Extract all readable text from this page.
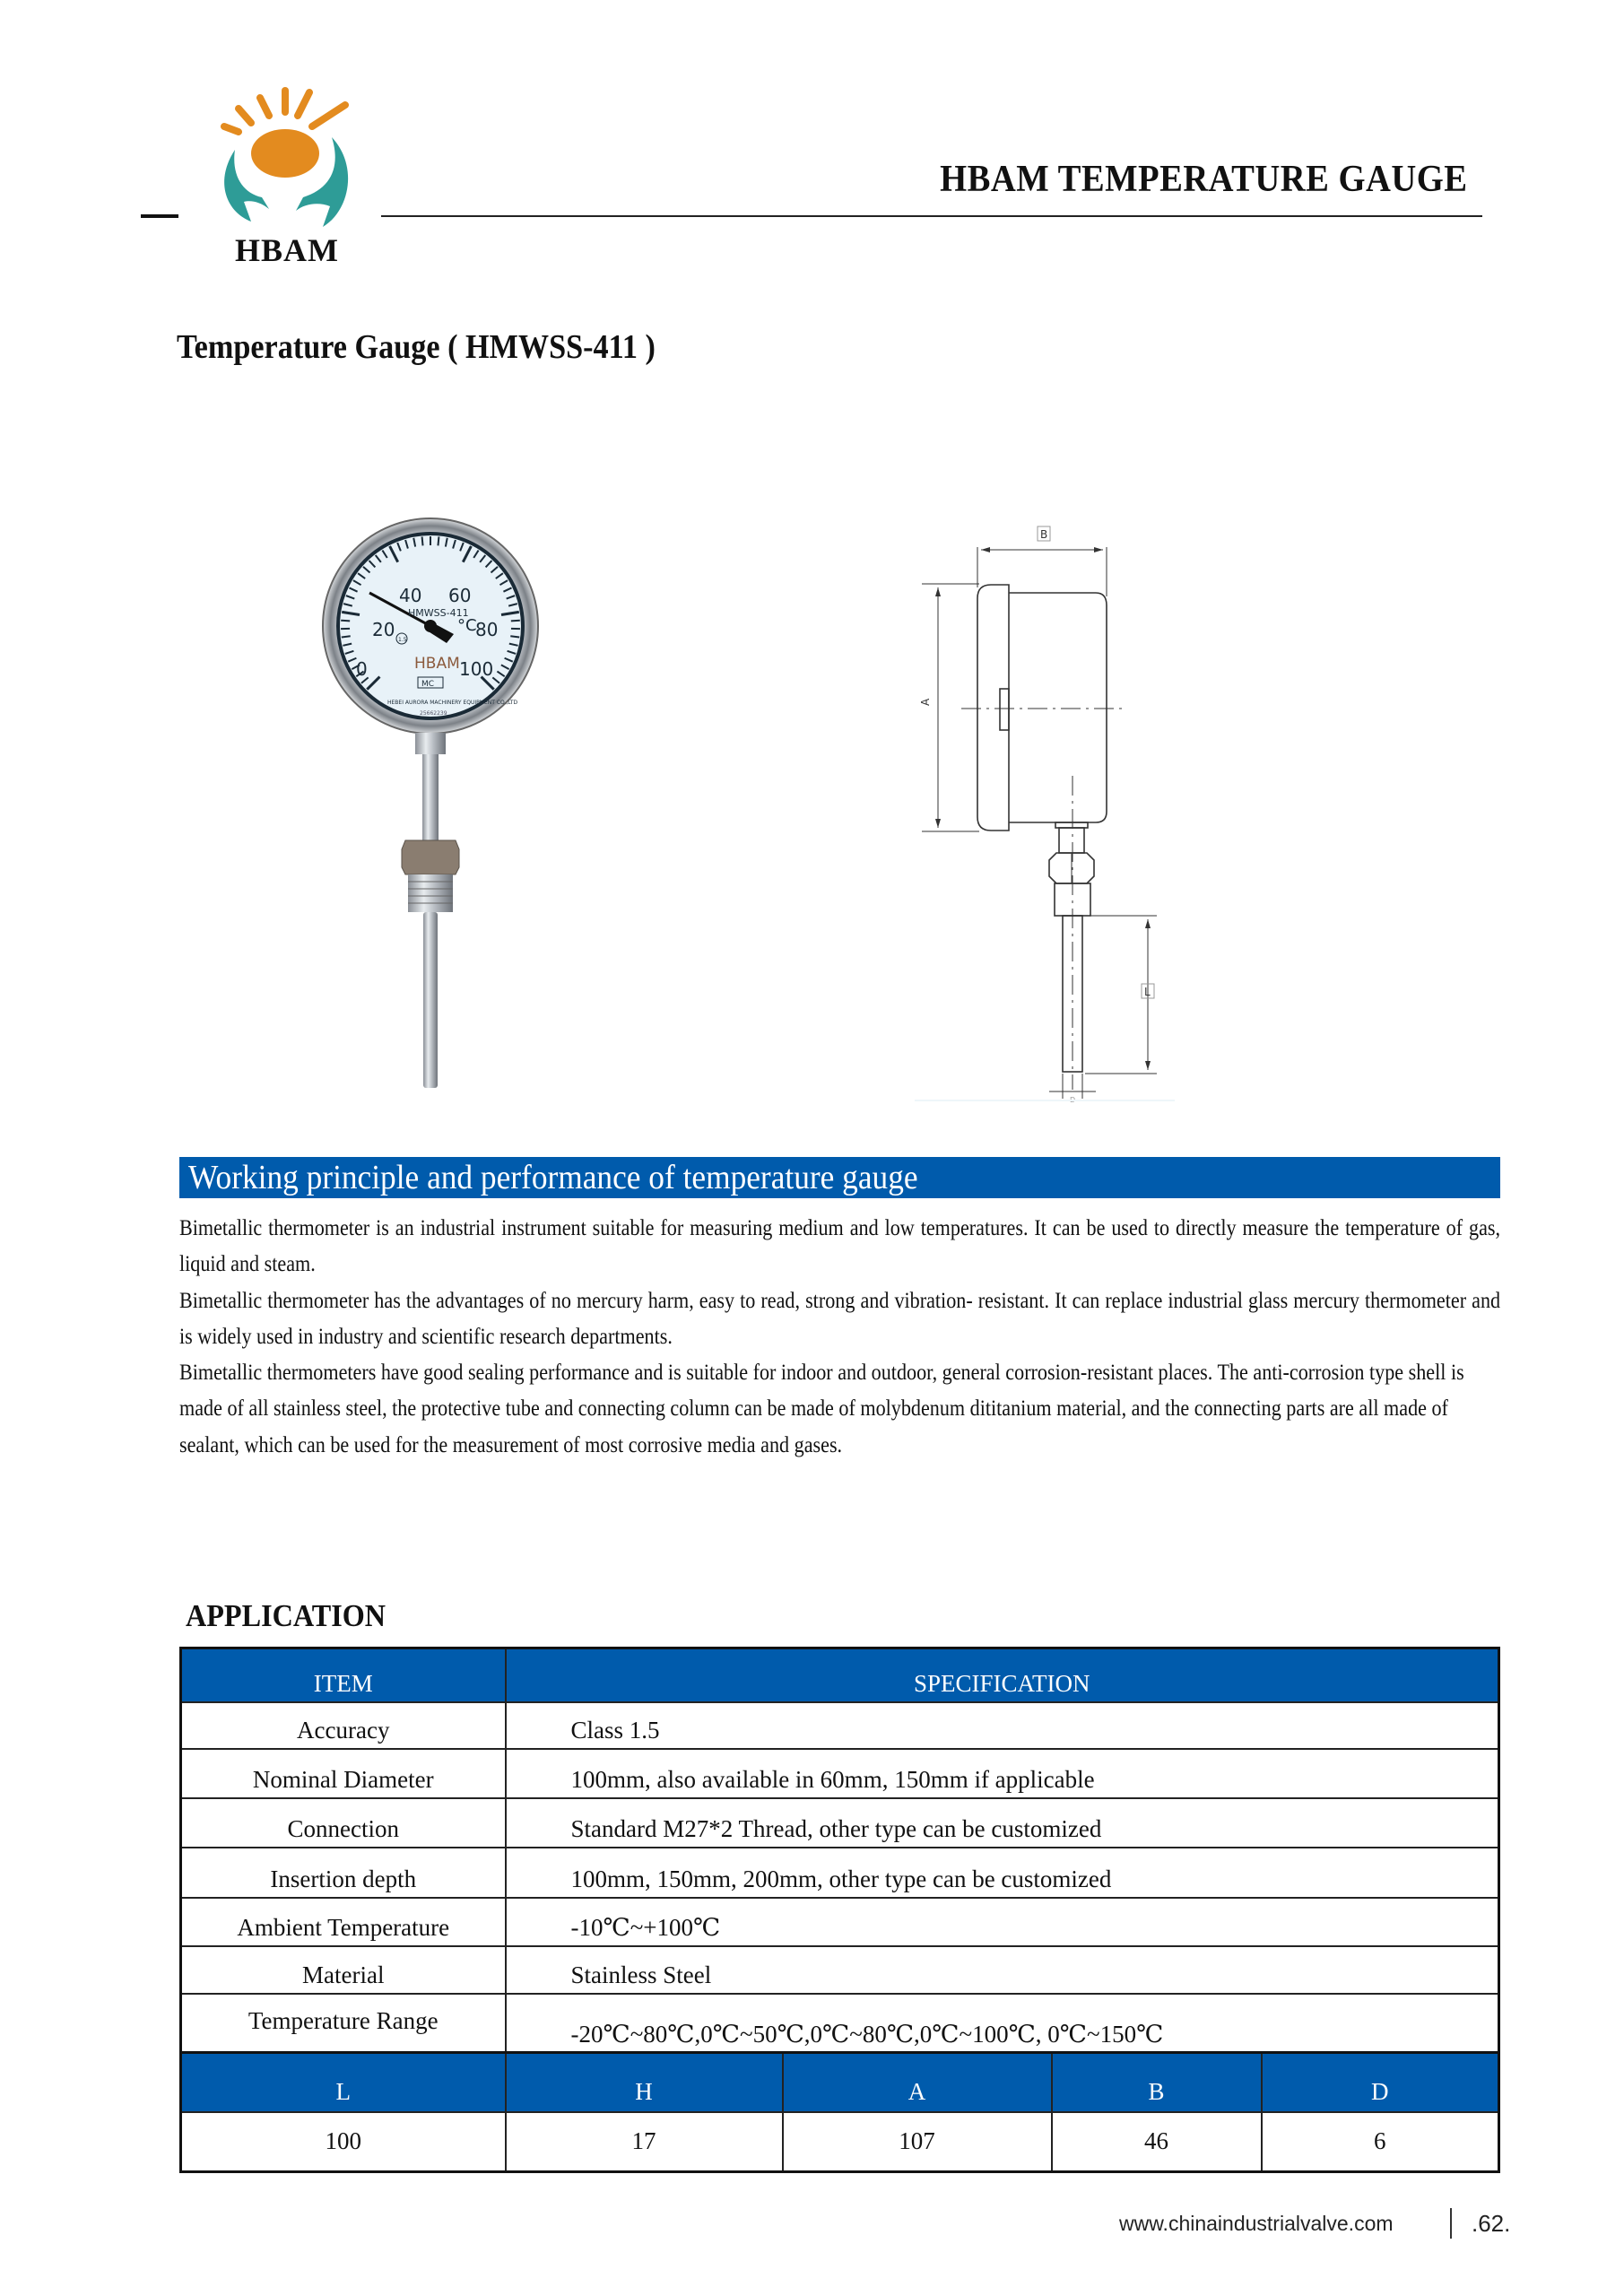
HBAM
HBAM TEMPERATURE GAUGE
Temperature Gauge ( HMWSS-411 )
0
20
40 60
80
100
HMWSS-411
°C
1.5
HBAM
MC
HEBEI AURORA MACHINERY EQUIPMENT CO.,LTD
25662239
B
A
L
D
Working principle and performance of temperature gauge

Bimetallic thermometer is an industrial instrument suitable for measuring medium and low temperatures. It can be used to directly measure the temperature of gas, liquid and steam.

Bimetallic thermometer has the advantages of no mercury harm, easy to read, strong and vibration- resistant. It can replace industrial glass mercury thermometer and is widely used in industry and scientific research departments.

Bimetallic thermometers have good sealing performance and is suitable for indoor and outdoor, general corrosion-resistant places. The anti-corrosion type shell is made of all stainless steel, the protective tube and connecting column can be made of molybdenum dititanium material, and the connecting parts are all made of sealant, which can be used for the measurement of most corrosive media and gases.

APPLICATION
ITEM	SPECIFICATION
Accuracy	Class 1.5
Nominal Diameter	100mm, also available in 60mm, 150mm if applicable
Connection	Standard M27*2 Thread, other type can be customized
Insertion depth	100mm, 150mm, 200mm, other type can be customized
Ambient Temperature	-10℃~+100℃
Material	Stainless Steel
Temperature Range	-20℃~80℃,0℃~50℃,0℃~80℃,0℃~100℃, 0℃~150℃
L	H	A	B	D
100	17	107	46	6
www.chinaindustrialvalve.com	.62.
